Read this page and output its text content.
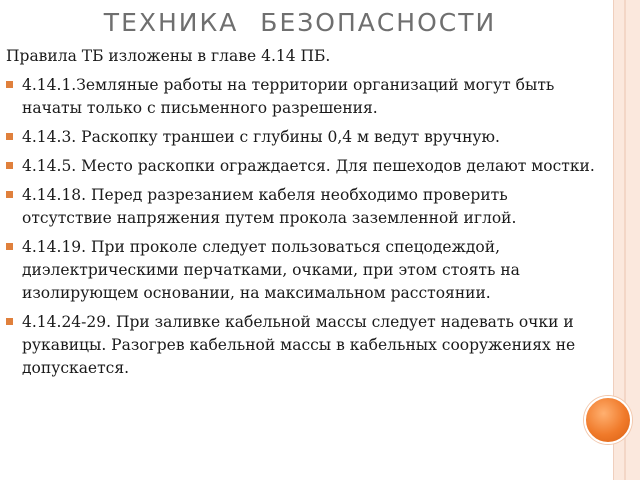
ТЕХНИКА БЕЗОПАСНОСТИ
Правила ТБ изложены в главе 4.14 ПБ.
4.14.1.Земляные работы на территории организаций могут быть начаты только с письменного разрешения.
4.14.3. Раскопку траншеи с глубины 0,4 м ведут вручную.
4.14.5. Место раскопки ограждается. Для пешеходов делают мостки.
4.14.18. Перед разрезанием кабеля необходимо проверить отсутствие напряжения путем прокола заземленной иглой.
4.14.19. При проколе следует пользоваться спецодеждой, диэлектрическими перчатками, очками, при этом стоять на изолирующем основании, на максимальном расстоянии.
4.14.24-29. При заливке кабельной массы следует надевать очки и рукавицы. Разогрев кабельной массы в кабельных сооружениях не допускается.
